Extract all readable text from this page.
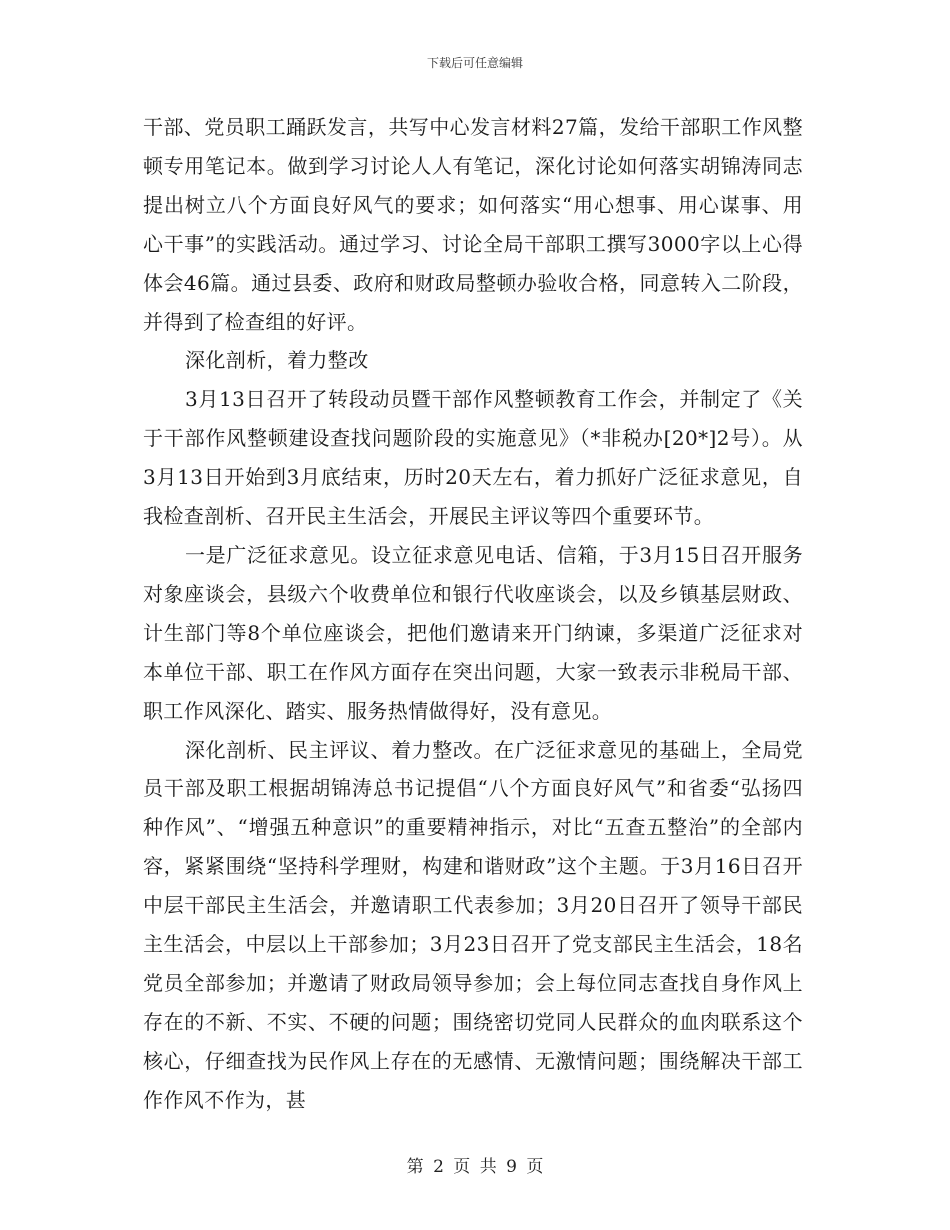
下载后可任意编辑

干部、党员职工踊跃发言，共写中心发言材料27篇，发给干部职工作风整顿专用笔记本。做到学习讨论人人有笔记，深化讨论如何落实胡锦涛同志提出树立八个方面良好风气的要求；如何落实“用心想事、用心谋事、用心干事”的实践活动。通过学习、讨论全局干部职工撰写3000字以上心得体会46篇。通过县委、政府和财政局整顿办验收合格，同意转入二阶段，并得到了检查组的好评。

深化剖析，着力整改

3月13日召开了转段动员暨干部作风整顿教育工作会，并制定了《关于干部作风整顿建设查找问题阶段的实施意见》（*非税办[20*]2号）。从3月13日开始到3月底结束，历时20天左右，着力抓好广泛征求意见，自我检查剖析、召开民主生活会，开展民主评议等四个重要环节。

一是广泛征求意见。设立征求意见电话、信箱，于3月15日召开服务对象座谈会，县级六个收费单位和银行代收座谈会，以及乡镇基层财政、计生部门等8个单位座谈会，把他们邀请来开门纳谏，多渠道广泛征求对本单位干部、职工在作风方面存在突出问题，大家一致表示非税局干部、职工作风深化、踏实、服务热情做得好，没有意见。

深化剖析、民主评议、着力整改。在广泛征求意见的基础上，全局党员干部及职工根据胡锦涛总书记提倡“八个方面良好风气”和省委“弘扬四种作风”、“增强五种意识”的重要精神指示，对比“五查五整治”的全部内容，紧紧围绕“坚持科学理财，构建和谐财政”这个主题。于3月16日召开中层干部民主生活会，并邀请职工代表参加；3月20日召开了领导干部民主生活会，中层以上干部参加；3月23日召开了党支部民主生活会，18名党员全部参加；并邀请了财政局领导参加；会上每位同志查找自身作风上存在的不新、不实、不硬的问题；围绕密切党同人民群众的血肉联系这个核心，仔细查找为民作风上存在的无感情、无激情问题；围绕解决干部工作作风不作为，甚

第 2 页 共 9 页
